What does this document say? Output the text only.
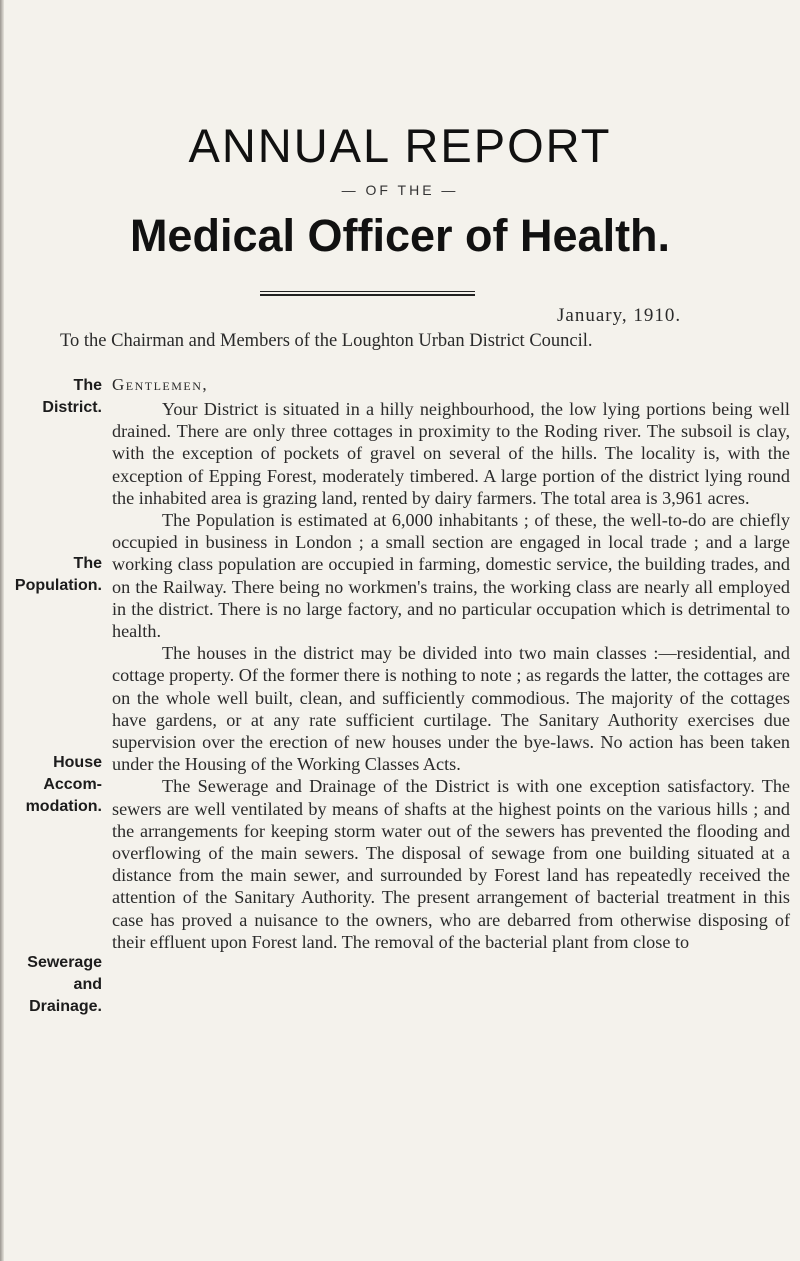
ANNUAL REPORT
— OF THE —
Medical Officer of Health.
January, 1910.
To the Chairman and Members of the Loughton Urban District Council.
Gentlemen,
The
District.
The
Population.
House
Accom-
modation.
Sewerage
and
Drainage.

Your District is situated in a hilly neighbourhood, the low lying portions being well drained. There are only three cottages in proximity to the Roding river. The subsoil is clay, with the exception of pockets of gravel on several of the hills. The locality is, with the exception of Epping Forest, moderately timbered. A large portion of the district lying round the inhabited area is grazing land, rented by dairy farmers. The total area is 3,961 acres.

The Population is estimated at 6,000 inhabitants ; of these, the well-to-do are chiefly occupied in business in London ; a small section are engaged in local trade ; and a large working class population are occupied in farming, domestic service, the building trades, and on the Railway. There being no workmen's trains, the working class are nearly all employed in the district. There is no large factory, and no particular occupation which is detrimental to health.

The houses in the district may be divided into two main classes :—residential, and cottage property. Of the former there is nothing to note ; as regards the latter, the cottages are on the whole well built, clean, and sufficiently commodious. The majority of the cottages have gardens, or at any rate sufficient curtilage. The Sanitary Authority exercises due supervision over the erection of new houses under the bye-laws. No action has been taken under the Housing of the Working Classes Acts.

The Sewerage and Drainage of the District is with one exception satisfactory. The sewers are well ventilated by means of shafts at the highest points on the various hills ; and the arrangements for keeping storm water out of the sewers has prevented the flooding and overflowing of the main sewers. The disposal of sewage from one building situated at a distance from the main sewer, and surrounded by Forest land has repeatedly received the attention of the Sanitary Authority. The present arrangement of bacterial treatment in this case has proved a nuisance to the owners, who are debarred from otherwise disposing of their effluent upon Forest land. The removal of the bacterial plant from close to
